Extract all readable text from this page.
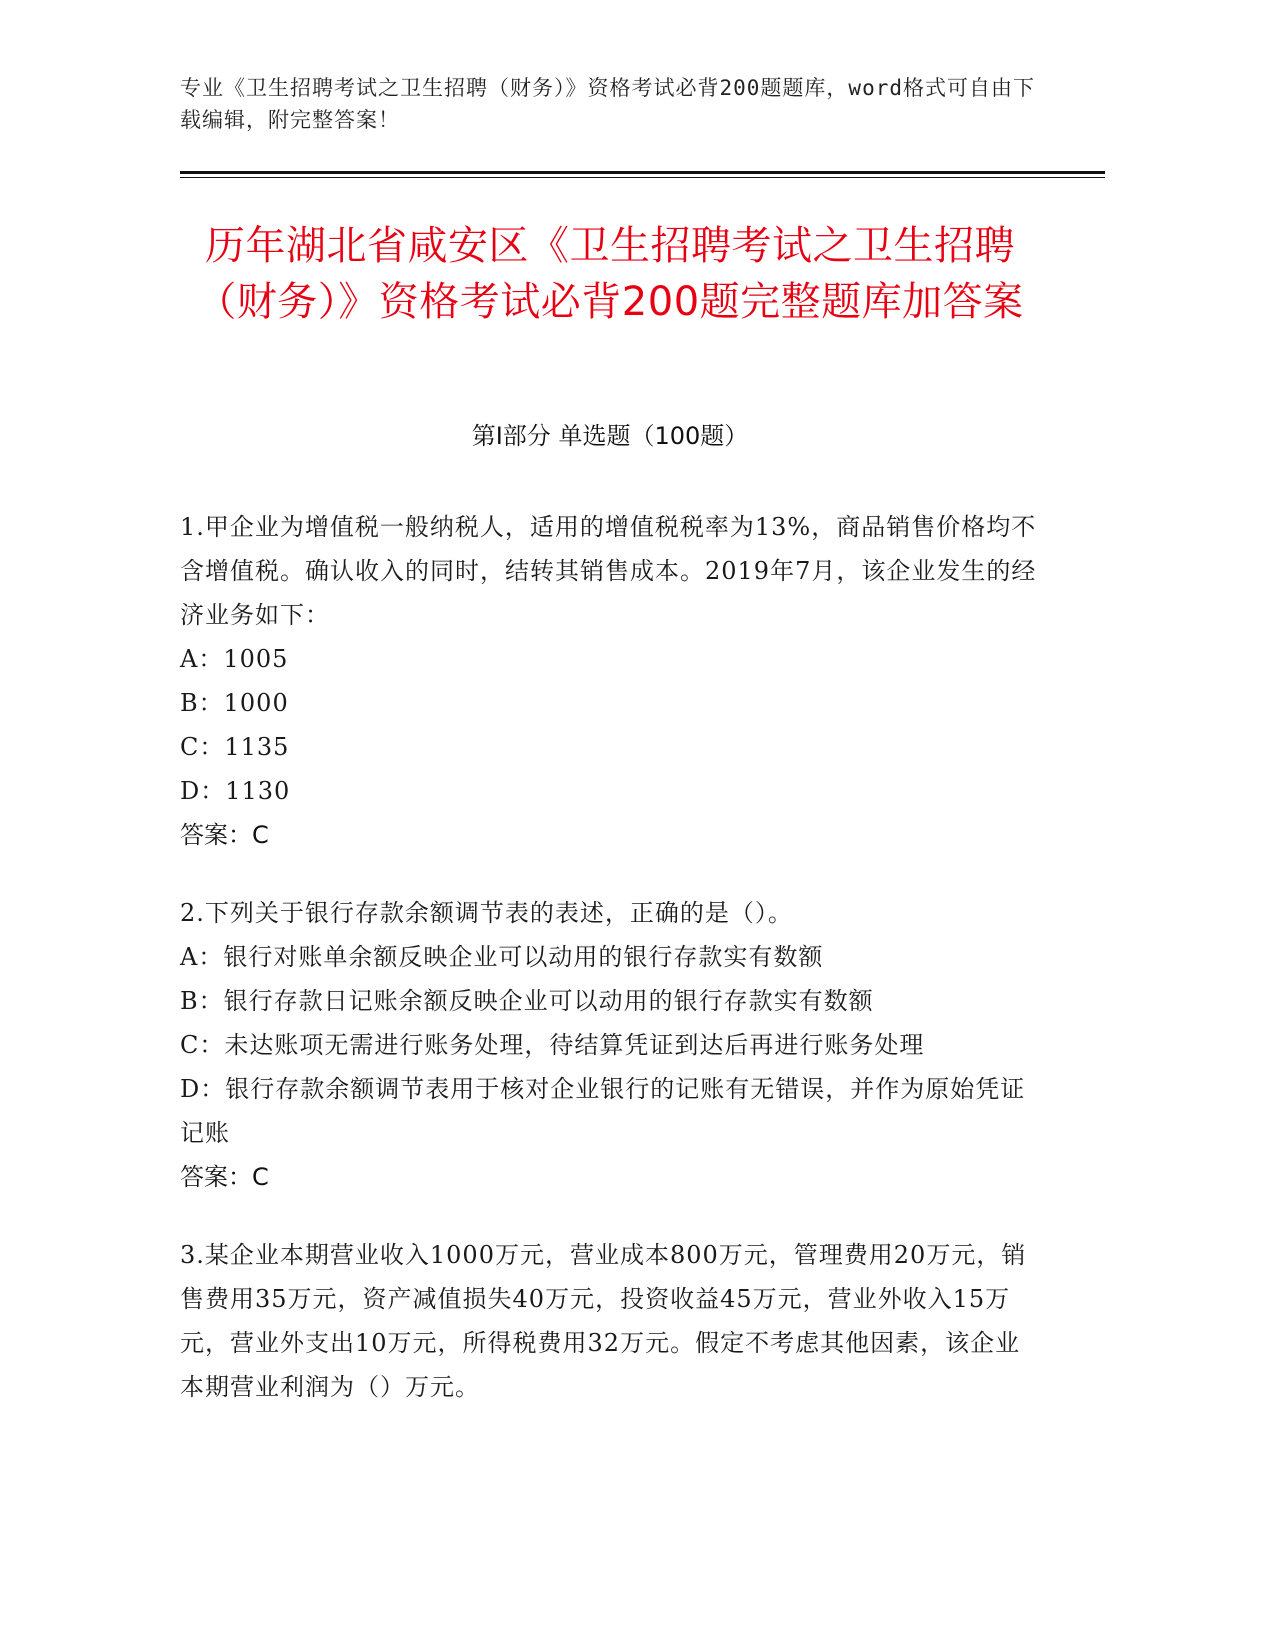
专业《卫生招聘考试之卫生招聘（财务）》资格考试必背200题题库，word格式可自由下载编辑，附完整答案！
历年湖北省咸安区《卫生招聘考试之卫生招聘（财务）》资格考试必背200题完整题库加答案
第Ⅰ部分 单选题（100题）

1.甲企业为增值税一般纳税人，适用的增值税税率为13%，商品销售价格均不含增值税。确认收入的同时，结转其销售成本。2019年7月，该企业发生的经济业务如下：

A：1005

B：1000

C：1135

D：1130

答案：C

2.下列关于银行存款余额调节表的表述，正确的是（）。

A：银行对账单余额反映企业可以动用的银行存款实有数额

B：银行存款日记账余额反映企业可以动用的银行存款实有数额

C：未达账项无需进行账务处理，待结算凭证到达后再进行账务处理

D：银行存款余额调节表用于核对企业银行的记账有无错误，并作为原始凭证记账

答案：C

3.某企业本期营业收入1000万元，营业成本800万元，管理费用20万元，销售费用35万元，资产减值损失40万元，投资收益45万元，营业外收入15万元，营业外支出10万元，所得税费用32万元。假定不考虑其他因素，该企业本期营业利润为（）万元。
